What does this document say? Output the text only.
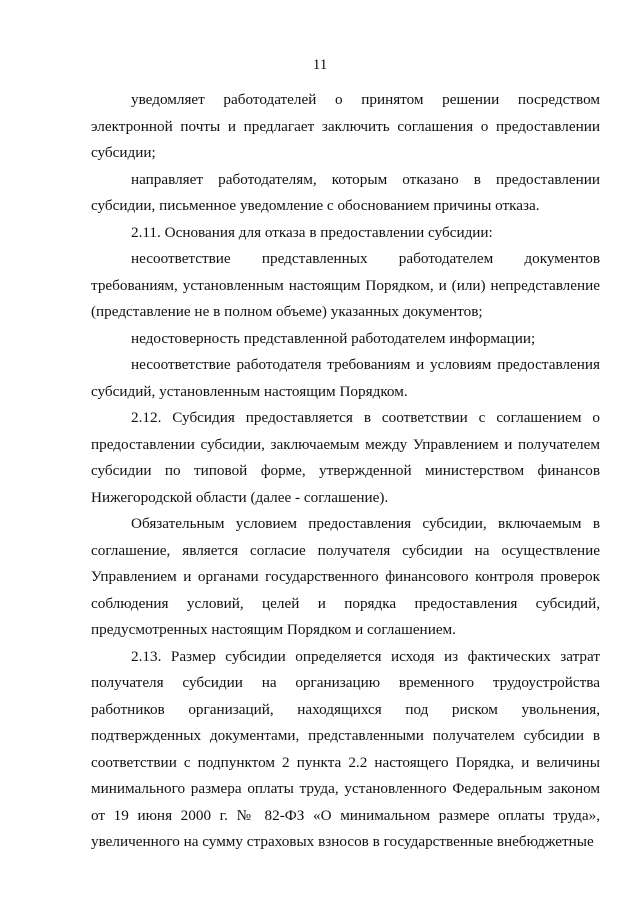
11

уведомляет работодателей о принятом решении посредством электронной почты и предлагает заключить соглашения о предоставлении субсидии;

направляет работодателям, которым отказано в предоставлении субсидии, письменное уведомление с обоснованием причины отказа.

2.11. Основания для отказа в предоставлении субсидии:

несоответствие представленных работодателем документов требованиям, установленным настоящим Порядком, и (или) непредставление (представление не в полном объеме) указанных документов;

недостоверность представленной работодателем информации;

несоответствие работодателя требованиям и условиям предоставления субсидий, установленным настоящим Порядком.

2.12. Субсидия предоставляется в соответствии с соглашением о предоставлении субсидии, заключаемым между Управлением и получателем субсидии по типовой форме, утвержденной министерством финансов Нижегородской области (далее - соглашение).

Обязательным условием предоставления субсидии, включаемым в соглашение, является согласие получателя субсидии на осуществление Управлением и органами государственного финансового контроля проверок соблюдения условий, целей и порядка предоставления субсидий, предусмотренных настоящим Порядком и соглашением.

2.13. Размер субсидии определяется исходя из фактических затрат получателя субсидии на организацию временного трудоустройства работников организаций, находящихся под риском увольнения, подтвержденных документами, представленными получателем субсидии в соответствии с подпунктом 2 пункта 2.2 настоящего Порядка, и величины минимального размера оплаты труда, установленного Федеральным законом от 19 июня 2000 г. № 82-ФЗ «О минимальном размере оплаты труда», увеличенного на сумму страховых взносов в государственные внебюджетные
